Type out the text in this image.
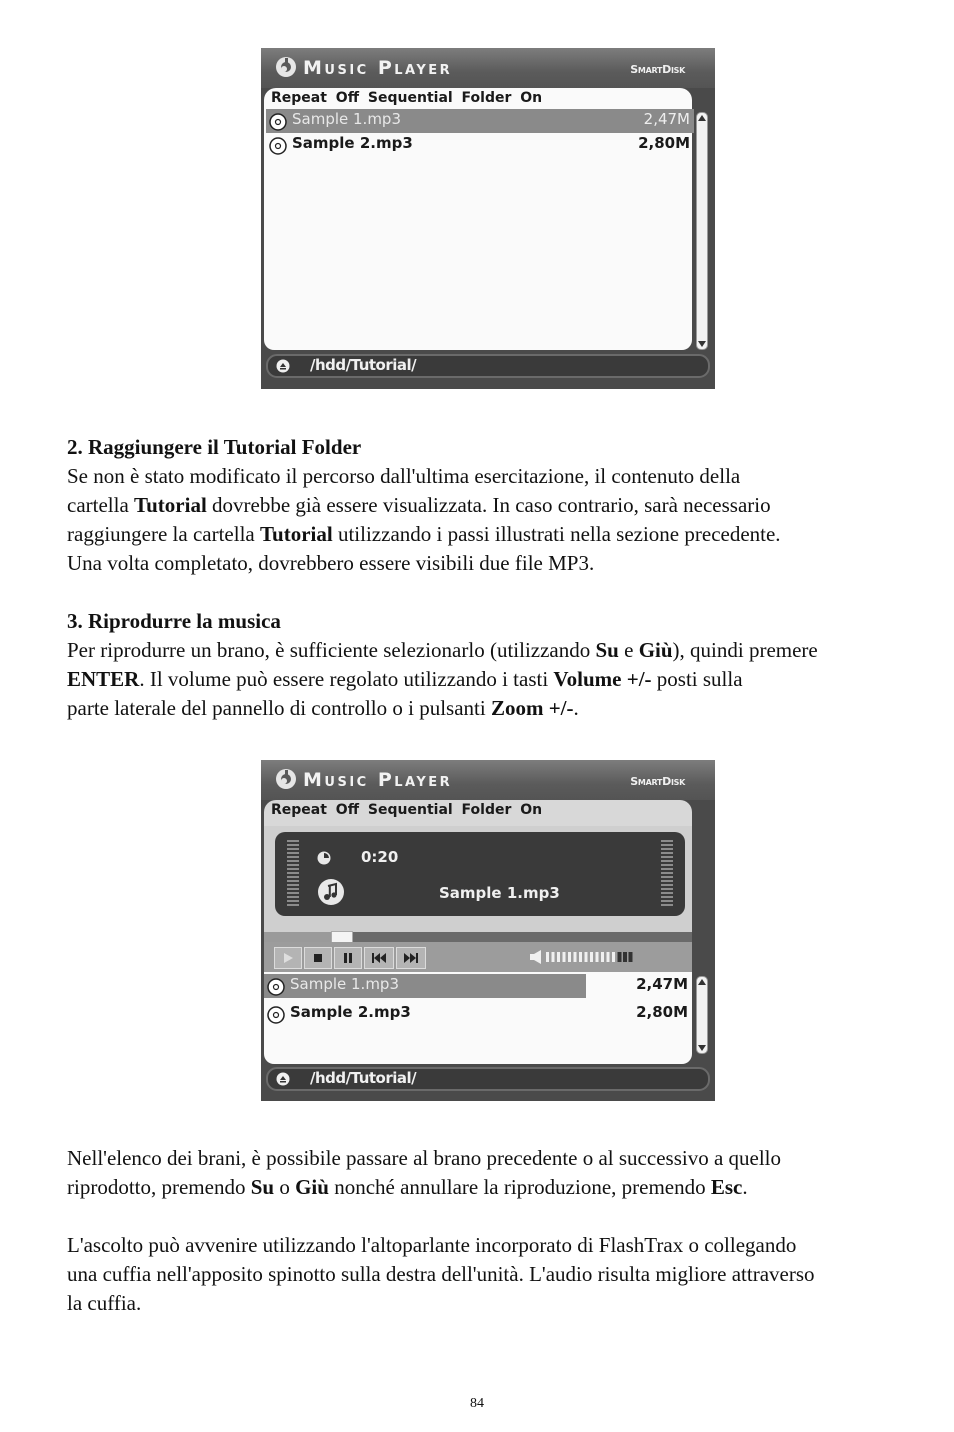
Music Player	SmartDisk
Repeat Off Sequential Folder On
Sample 1.mp3	2,47M
Sample 2.mp3	2,80M
/hdd/Tutorial/

2. Raggiungere il Tutorial Folder

Se non è stato modificato il percorso dall'ultima esercitazione, il contenuto della

cartella Tutorial dovrebbe già essere visualizzata. In caso contrario, sarà necessario

raggiungere la cartella Tutorial utilizzando i passi illustrati nella sezione precedente.

Una volta completato, dovrebbero essere visibili due file MP3.

3. Riprodurre la musica

Per riprodurre un brano, è sufficiente selezionarlo (utilizzando Su e Giù), quindi premere

ENTER. Il volume può essere regolato utilizzando i tasti Volume +/- posti sulla

parte laterale del pannello di controllo o i pulsanti Zoom +/-.

Music Player	SmartDisk
Repeat Off Sequential Folder On
0:20
Sample 1.mp3
Sample 1.mp3	2,47M
Sample 2.mp3	2,80M
/hdd/Tutorial/

Nell'elenco dei brani, è possibile passare al brano precedente o al successivo a quello

riprodotto, premendo Su o Giù nonché annullare la riproduzione, premendo Esc.

L'ascolto può avvenire utilizzando l'altoparlante incorporato di FlashTrax o collegando

una cuffia nell'apposito spinotto sulla destra dell'unità. L'audio risulta migliore attraverso

la cuffia.

84
